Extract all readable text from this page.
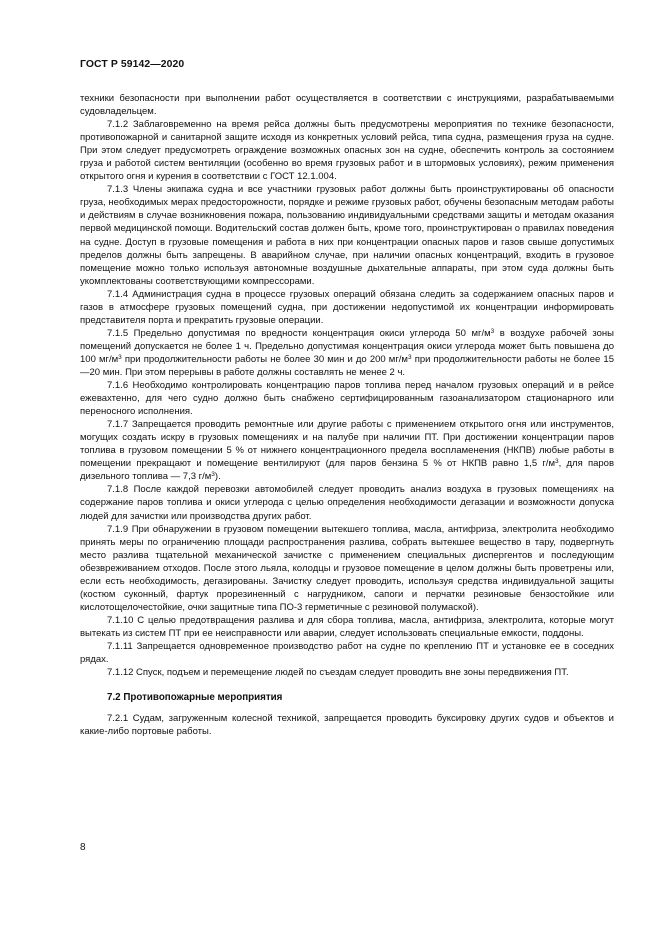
ГОСТ Р 59142—2020

техники безопасности при выполнении работ осуществляется в соответствии с инструкциями, разрабатываемыми судовладельцем.

7.1.2 Заблаговременно на время рейса должны быть предусмотрены мероприятия по технике безопасности, противопожарной и санитарной защите исходя из конкретных условий рейса, типа судна, размещения груза на судне. При этом следует предусмотреть ограждение возможных опасных зон на судне, обеспечить контроль за состоянием груза и работой систем вентиляции (особенно во время грузовых работ и в штормовых условиях), режим применения открытого огня и курения в соответствии с ГОСТ 12.1.004.

7.1.3 Члены экипажа судна и все участники грузовых работ должны быть проинструктированы об опасности груза, необходимых мерах предосторожности, порядке и режиме грузовых работ, обучены безопасным методам работы и действиям в случае возникновения пожара, пользованию индивидуальными средствами защиты и методам оказания первой медицинской помощи. Водительский состав должен быть, кроме того, проинструктирован о правилах поведения на судне. Доступ в грузовые помещения и работа в них при концентрации опасных паров и газов свыше допустимых пределов должны быть запрещены. В аварийном случае, при наличии опасных концентраций, входить в грузовое помещение можно только используя автономные воздушные дыхательные аппараты, при этом суда должны быть укомплектованы соответствующими компрессорами.

7.1.4 Администрация судна в процессе грузовых операций обязана следить за содержанием опасных паров и газов в атмосфере грузовых помещений судна, при достижении недопустимой их концентрации информировать представителя порта и прекратить грузовые операции.

7.1.5 Предельно допустимая по вредности концентрация окиси углерода 50 $мг/м^3$ в воздухе рабочей зоны помещений допускается не более 1 ч. Предельно допустимая концентрация окиси углерода может быть повышена до 100 $мг/м^3$ при продолжительности работы не более 30 мин и до 200 $мг/м^3$ при продолжительности работы не более 15—20 мин. При этом перерывы в работе должны составлять не менее 2 ч.

7.1.6 Необходимо контролировать концентрацию паров топлива перед началом грузовых операций и в рейсе ежевахтенно, для чего судно должно быть снабжено сертифицированным газоанализатором стационарного или переносного исполнения.

7.1.7 Запрещается проводить ремонтные или другие работы с применением открытого огня или инструментов, могущих создать искру в грузовых помещениях и на палубе при наличии ПТ. При достижении концентрации паров топлива в грузовом помещении 5 % от нижнего концентрационного предела воспламенения (НКПВ) любые работы в помещении прекращают и помещение вентилируют (для паров бензина 5 % от НКПВ равно 1,5 $г/м^3$, для паров дизельного топлива — 7,3 $г/м^3$).

7.1.8 После каждой перевозки автомобилей следует проводить анализ воздуха в грузовых помещениях на содержание паров топлива и окиси углерода с целью определения необходимости дегазации и возможности допуска людей для зачистки или производства других работ.

7.1.9 При обнаружении в грузовом помещении вытекшего топлива, масла, антифриза, электролита необходимо принять меры по ограничению площади распространения разлива, собрать вытекшее вещество в тару, подвергнуть место разлива тщательной механической зачистке с применением специальных диспергентов и последующим обезвреживанием отходов. После этого льяла, колодцы и грузовое помещение в целом должны быть проветрены или, если есть необходимость, дегазированы. Зачистку следует проводить, используя средства индивидуальной защиты (костюм суконный, фартук прорезиненный с нагрудником, сапоги и перчатки резиновые бензостойкие или кислотощелочестойкие, очки защитные типа ПО-3 герметичные с резиновой полумаской).

7.1.10 С целью предотвращения разлива и для сбора топлива, масла, антифриза, электролита, которые могут вытекать из систем ПТ при ее неисправности или аварии, следует использовать специальные емкости, поддоны.

7.1.11 Запрещается одновременное производство работ на судне по креплению ПТ и установке ее в соседних рядах.

7.1.12 Спуск, подъем и перемещение людей по съездам следует проводить вне зоны передвижения ПТ.

7.2 Противопожарные мероприятия

7.2.1 Судам, загруженным колесной техникой, запрещается проводить буксировку других судов и объектов и какие-либо портовые работы.

8
